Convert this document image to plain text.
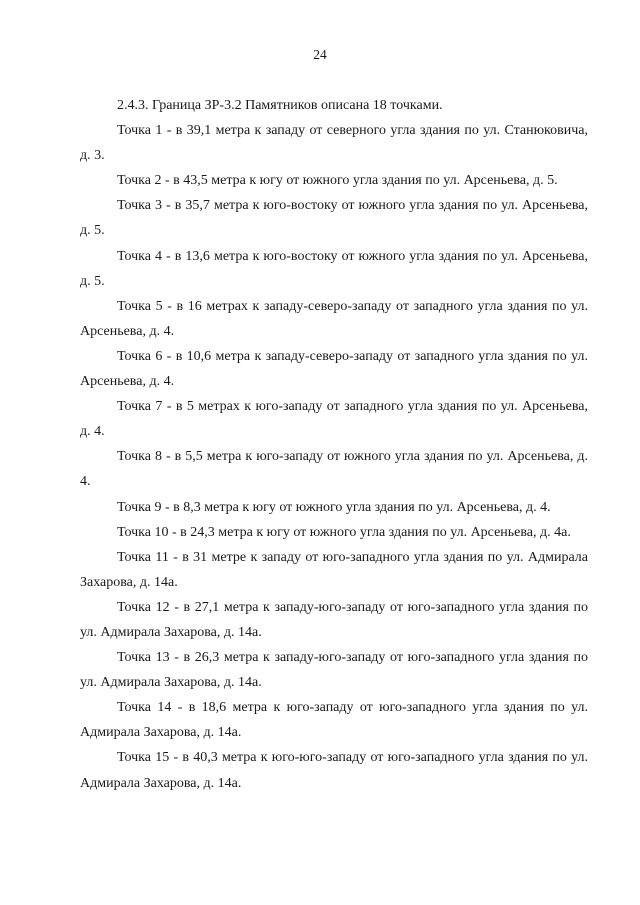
24

2.4.3. Граница ЗР-3.2 Памятников описана 18 точками.

Точка 1 - в 39,1 метра к западу от северного угла здания по ул. Станюковича, д. 3.

Точка 2 - в 43,5 метра к югу от южного угла здания по ул. Арсеньева, д. 5.

Точка 3 - в 35,7 метра к юго-востоку от южного угла здания по ул. Арсеньева, д. 5.

Точка 4 - в 13,6 метра к юго-востоку от южного угла здания по ул. Арсеньева, д. 5.

Точка 5 - в 16 метрах к западу-северо-западу от западного угла здания по ул. Арсеньева, д. 4.

Точка 6 - в 10,6 метра к западу-северо-западу от западного угла здания по ул. Арсеньева, д. 4.

Точка 7 - в 5 метрах к юго-западу от западного угла здания по ул. Арсеньева, д. 4.

Точка 8 - в 5,5 метра к юго-западу от южного угла здания по ул. Арсеньева, д. 4.

Точка 9 - в 8,3 метра к югу от южного угла здания по ул. Арсеньева, д. 4.

Точка 10 - в 24,3 метра к югу от южного угла здания по ул. Арсеньева, д. 4а.

Точка 11 - в 31 метре к западу от юго-западного угла здания по ул. Адмирала Захарова, д. 14а.

Точка 12 - в 27,1 метра к западу-юго-западу от юго-западного угла здания по ул. Адмирала Захарова, д. 14а.

Точка 13 - в 26,3 метра к западу-юго-западу от юго-западного угла здания по ул. Адмирала Захарова, д. 14а.

Точка 14 - в 18,6 метра к юго-западу от юго-западного угла здания по ул. Адмирала Захарова, д. 14а.

Точка 15 - в 40,3 метра к юго-юго-западу от юго-западного угла здания по ул. Адмирала Захарова, д. 14а.
